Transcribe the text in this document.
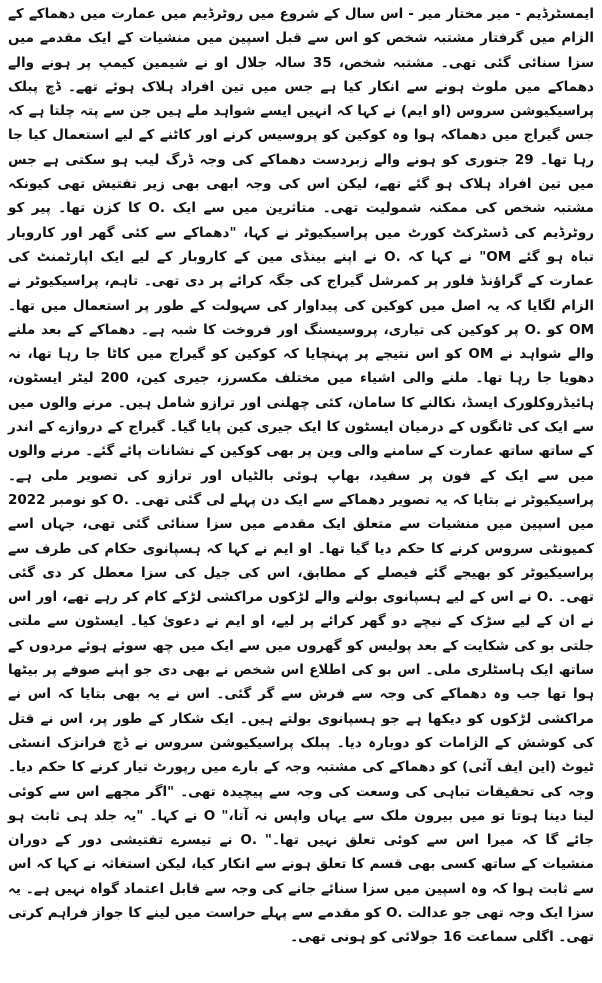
ایمسٹرڈیم - میر مختار میر - اس سال کے شروع میں روٹرڈیم میں عمارت میں دھماکے کے الزام میں گرفتار مشتبہ شخص کو اس سے قبل اسپین میں منشیات کے ایک مقدمے میں سزا سنائی گئی تھی۔ مشتبہ شخص، 35 سالہ جلال او نے شیمین کیمپ پر ہونے والے دھماکے میں ملوث ہونے سے انکار کیا ہے جس میں تین افراد ہلاک ہوئے تھے۔ ڈچ پبلک پراسیکیوشن سروس (او ایم) نے کہا کہ انہیں ایسے شواہد ملے ہیں جن سے پتہ چلتا ہے کہ جس گیراج میں دھماکہ ہوا وہ کوکین کو پروسیس کرنے اور کاٹنے کے لیے استعمال کیا جا رہا تھا۔ 29 جنوری کو ہونے والے زبردست دھماکے کی وجہ ڈرگ لیب ہو سکتی ہے جس میں تین افراد ہلاک ہو گئے تھے، لیکن اس کی وجہ ابھی بھی زیر تفتیش تھی کیونکہ مشتبہ شخص کی ممکنہ شمولیت تھی۔ متاثرین میں سے ایک .O کا کزن تھا۔ پیر کو روٹرڈیم کی ڈسٹرکٹ کورٹ میں پراسیکیوٹر نے کہا، "دھماکے سے کئی گھر اور کاروبار تباہ ہو گئے OM" نے کہا کہ .O نے اپنے بینڈی مین کے کاروبار کے لیے ایک اپارٹمنٹ کی عمارت کے گراؤنڈ فلور پر کمرشل گیراج کی جگہ کرائے پر دی تھی۔ تاہم، پراسیکیوٹر نے الزام لگایا کہ یہ اصل میں کوکین کی پیداوار کی سہولت کے طور پر استعمال میں تھا۔ OM کو .O پر کوکین کی تیاری، پروسیسنگ اور فروخت کا شبہ ہے۔ دھماکے کے بعد ملنے والے شواہد نے OM کو اس نتیجے پر پہنچایا کہ کوکین کو گیراج میں کاٹا جا رہا تھا، نہ دھویا جا رہا تھا۔ ملنے والی اشیاء میں مختلف مکسرز، جیری کین، 200 لیٹر ایسٹون، ہائیڈروکلورک ایسڈ، نکالنے کا سامان، کئی چھلنی اور ترازو شامل ہیں۔ مرنے والوں میں سے ایک کی ٹانگوں کے درمیان ایسٹون کا ایک جیری کین پایا گیا۔ گیراج کے دروازے کے اندر کے ساتھ ساتھ عمارت کے سامنے والی وین پر بھی کوکین کے نشانات پائے گئے۔ مرنے والوں میں سے ایک کے فون پر سفید، بھاپ ہوئی بالٹیاں اور ترازو کی تصویر ملی ہے۔ پراسیکیوٹر نے بتایا کہ یہ تصویر دھماکے سے ایک دن پہلے لی گئی تھی۔ .O کو نومبر 2022 میں اسپین میں منشیات سے متعلق ایک مقدمے میں سزا سنائی گئی تھی، جہاں اسے کمیونٹی سروس کرنے کا حکم دیا گیا تھا۔ او ایم نے کہا کہ ہسپانوی حکام کی طرف سے پراسیکیوٹر کو بھیجے گئے فیصلے کے مطابق، اس کی جیل کی سزا معطل کر دی گئی تھی۔ .O نے اس کے لیے ہسپانوی بولنے والے لڑکوں مراکشی لڑکے کام کر رہے تھے، اور اس نے ان کے لیے سڑک کے نیچے دو گھر کرائے پر لیے، او ایم نے دعویٰ کیا۔ ایسٹون سے ملتی جلتی بو کی شکایت کے بعد پولیس کو گھروں میں سے ایک میں چھ سوئے ہوئے مردوں کے ساتھ ایک ہاسٹلری ملی۔ اس بو کی اطلاع اس شخص نے بھی دی جو اپنے صوفے پر بیٹھا ہوا تھا جب وہ دھماکے کی وجہ سے فرش سے گر گئی۔ اس نے یہ بھی بتایا کہ اس نے مراکشی لڑکوں کو دیکھا ہے جو ہسپانوی بولتے ہیں۔ ایک شکار کے طور پر، اس نے قتل کی کوشش کے الزامات کو دوبارہ دیا۔ پبلک پراسیکیوشن سروس نے ڈچ فرانزک انسٹی ٹیوٹ (این ایف آئی) کو دھماکے کی مشتبہ وجہ کے بارے میں رپورٹ تیار کرنے کا حکم دیا۔ وجہ کی تحقیقات تباہی کی وسعت کی وجہ سے پیچیدہ تھی۔ "اگر مجھے اس سے کوئی لینا دینا ہوتا تو میں بیرون ملک سے یہاں واپس نہ آتا،" O نے کہا۔ "یہ جلد ہی ثابت ہو جائے گا کہ میرا اس سے کوئی تعلق نہیں تھا۔" .O نے تیسرے تفتیشی دور کے دوران منشیات کے ساتھ کسی بھی قسم کا تعلق ہونے سے انکار کیا، لیکن استغاثہ نے کہا کہ اس سے ثابت ہوا کہ وہ اسپین میں سزا سنائے جانے کی وجہ سے قابل اعتماد گواہ نہیں ہے۔ یہ سزا ایک وجہ تھی جو عدالت .O کو مقدمے سے پہلے حراست میں لینے کا جواز فراہم کرتی تھی۔ اگلی سماعت 16 جولائی کو ہونی تھی۔
